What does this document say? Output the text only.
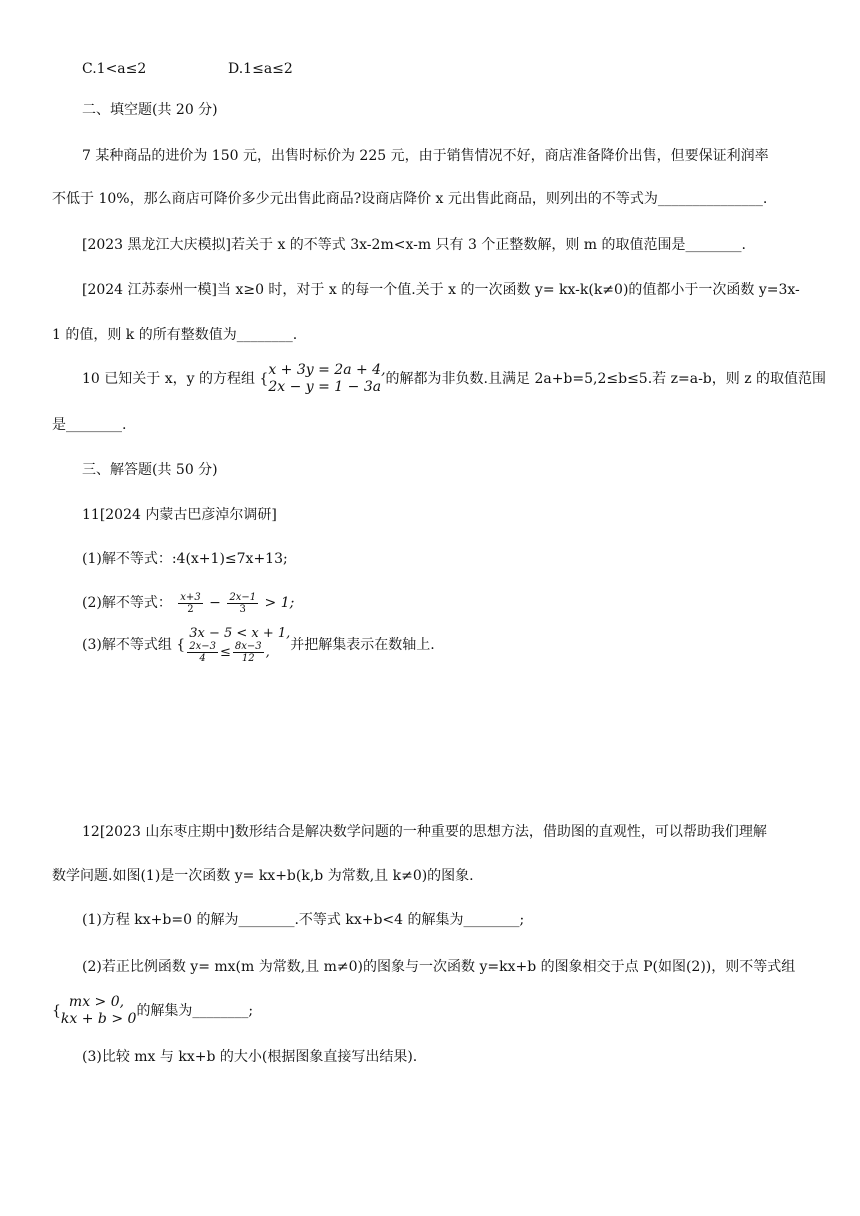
C.1<a≤2	D.1≤a≤2
二、填空题(共 20 分)
7 某种商品的进价为 150 元，出售时标价为 225 元，由于销售情况不好，商店准备降价出售，但要保证利润率
不低于 10%，那么商店可降价多少元出售此商品?设商店降价 x 元出售此商品，则列出的不等式为_______________.
[2023 黑龙江大庆模拟]若关于 x 的不等式 3x-2m<x-m 只有 3 个正整数解，则 m 的取值范围是________.
[2024 江苏泰州一模]当 x≥0 时，对于 x 的每一个值.关于 x 的一次函数 y= kx-k(k≠0)的值都小于一次函数 y=3x-
1 的值，则 k 的所有整数值为________.
10 已知关于 x，y 的方程组 {
x + 3y = 2a + 4,
2x − y = 1 − 3a 的解都为非负数.且满足 2a+b=5,2≤b≤5.若 z=a-b，则 z 的取值范围
是________.
三、解答题(共 50 分)
11[2024 内蒙古巴彦淖尔调研]
(1)解不等式：:4(x+1)≤7x+13;
(2)解不等式： $\frac{x+3}{2} - \frac{2x-1}{3} > 1$;
(3)解不等式组 {
3x − 5 < x + 1,
$\frac{2x-3}{4} \le \frac{8x-3}{12}$ ,	并把解集表示在数轴上.
12[2023 山东枣庄期中]数形结合是解决数学问题的一种重要的思想方法，借助图的直观性，可以帮助我们理解
数学问题.如图(1)是一次函数 y= kx+b(k,b 为常数,且 k≠0)的图象.
(1)方程 kx+b=0 的解为________.不等式 kx+b<4 的解集为________;
(2)若正比例函数 y= mx(m 为常数,且 m≠0)的图象与一次函数 y=kx+b 的图象相交于点 P(如图(2))，则不等式组
{
mx > 0,
kx + b > 0 的解集为________;
(3)比较 mx 与 kx+b 的大小(根据图象直接写出结果).
